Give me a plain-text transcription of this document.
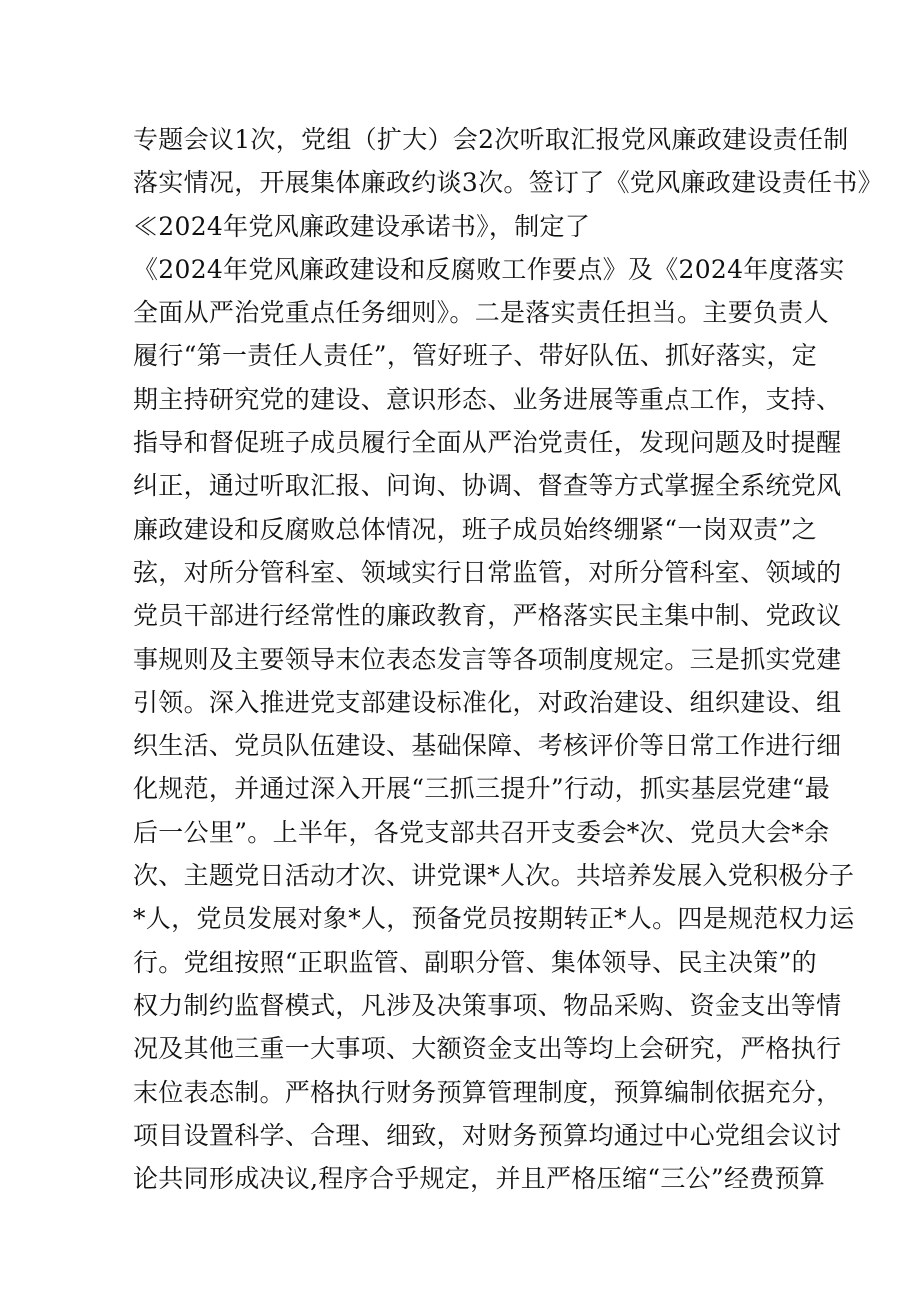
专题会议1次，党组（扩大）会2次听取汇报党风廉政建设责任制
落实情况，开展集体廉政约谈3次。签订了《党风廉政建设责任书》
≪2024年党风廉政建设承诺书》，制定了
《2024年党风廉政建设和反腐败工作要点》及《2024年度落实
全面从严治党重点任务细则》。二是落实责任担当。主要负责人
履行“第一责任人责任”，管好班子、带好队伍、抓好落实，定
期主持研究党的建设、意识形态、业务进展等重点工作，支持、
指导和督促班子成员履行全面从严治党责任，发现问题及时提醒
纠正，通过听取汇报、问询、协调、督查等方式掌握全系统党风
廉政建设和反腐败总体情况，班子成员始终绷紧“一岗双责”之
弦，对所分管科室、领域实行日常监管，对所分管科室、领域的
党员干部进行经常性的廉政教育，严格落实民主集中制、党政议
事规则及主要领导末位表态发言等各项制度规定。三是抓实党建
引领。深入推进党支部建设标准化，对政治建设、组织建设、组
织生活、党员队伍建设、基础保障、考核评价等日常工作进行细
化规范，并通过深入开展“三抓三提升”行动，抓实基层党建“最
后一公里”。上半年，各党支部共召开支委会*次、党员大会*余
次、主题党日活动才次、讲党课*人次。共培养发展入党积极分子
*人，党员发展对象*人，预备党员按期转正*人。四是规范权力运
行。党组按照“正职监管、副职分管、集体领导、民主决策”的
权力制约监督模式，凡涉及决策事项、物品采购、资金支出等情
况及其他三重一大事项、大额资金支出等均上会研究，严格执行
末位表态制。严格执行财务预算管理制度，预算编制依据充分，
项目设置科学、合理、细致，对财务预算均通过中心党组会议讨
论共同形成决议,程序合乎规定，并且严格压缩“三公”经费预算
